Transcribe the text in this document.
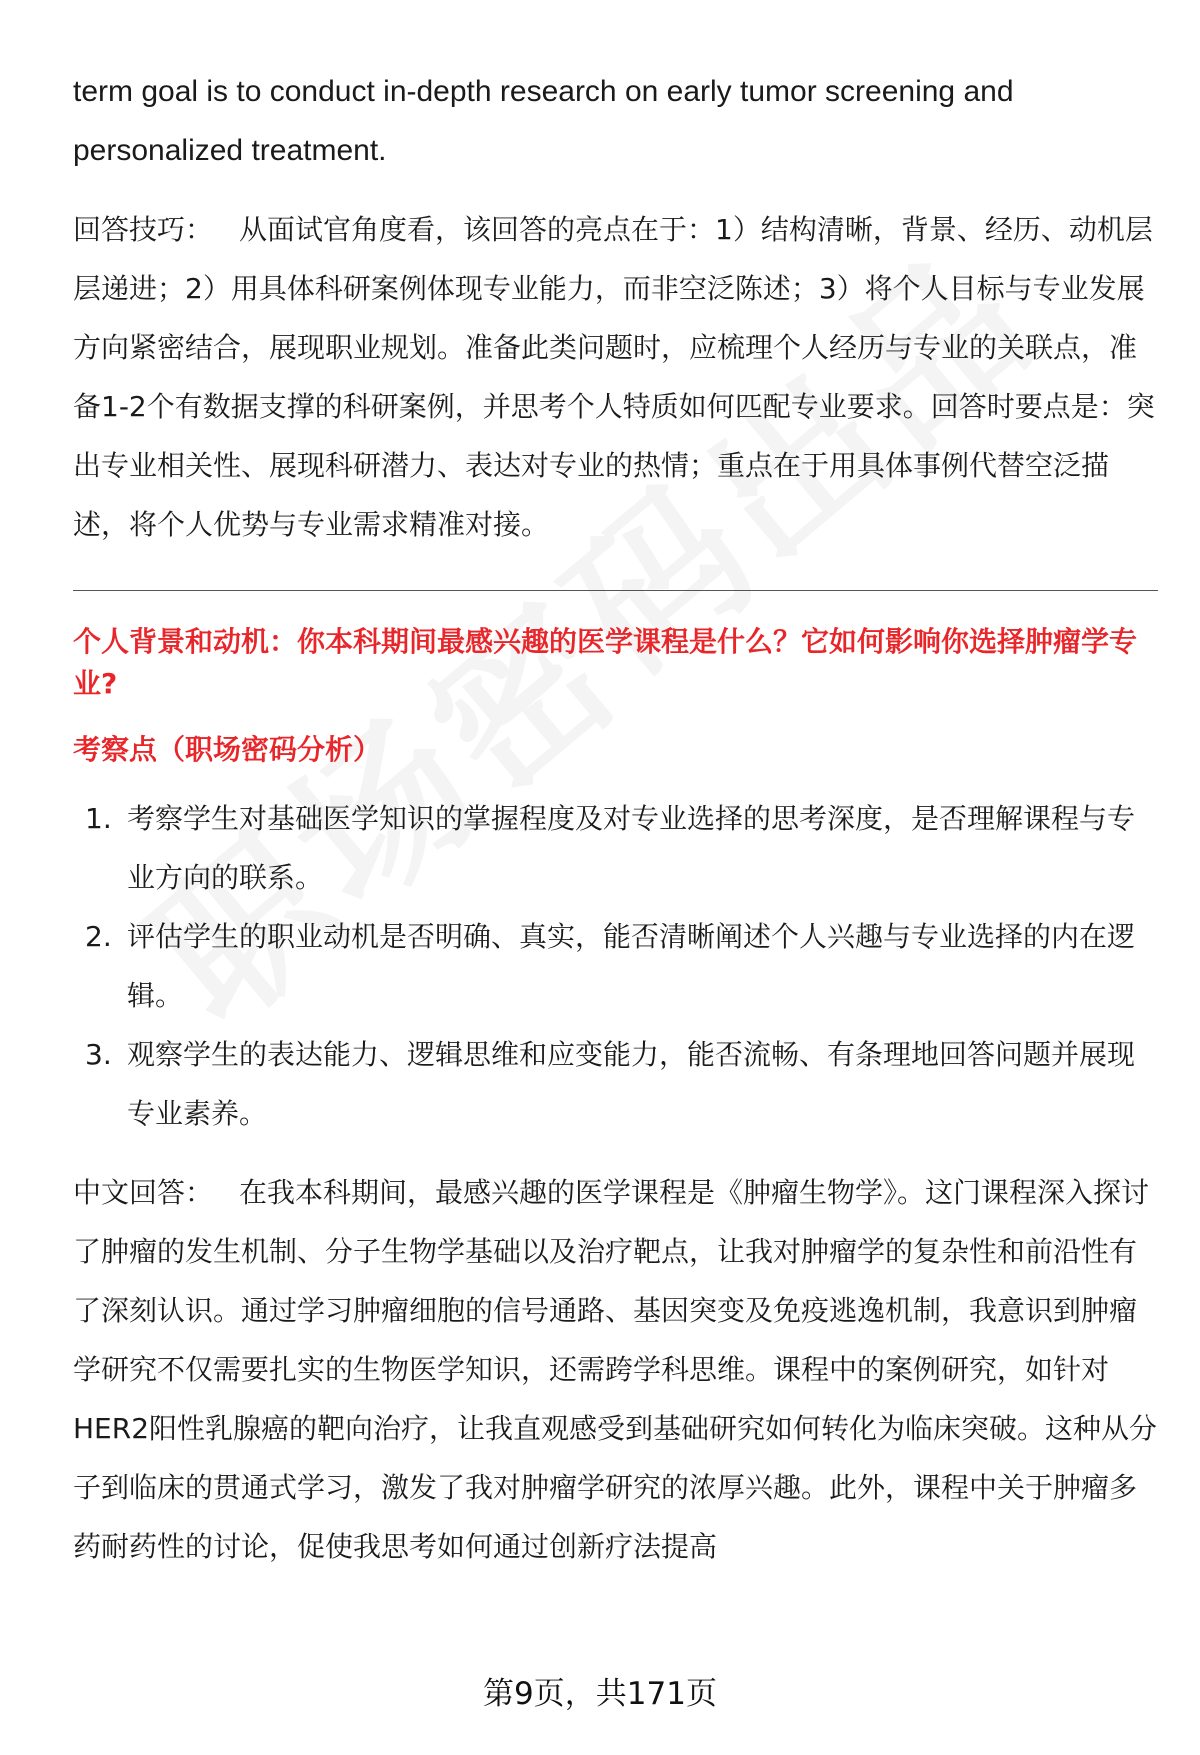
term goal is to conduct in-depth research on early tumor screening and personalized treatment.

回答技巧： 从面试官角度看，该回答的亮点在于：1）结构清晰，背景、经历、动机层层递进；2）用具体科研案例体现专业能力，而非空泛陈述；3）将个人目标与专业发展方向紧密结合，展现职业规划。准备此类问题时，应梳理个人经历与专业的关联点，准备1-2个有数据支撑的科研案例，并思考个人特质如何匹配专业要求。回答时要点是：突出专业相关性、展现科研潜力、表达对专业的热情；重点在于用具体事例代替空泛描述，将个人优势与专业需求精准对接。

个人背景和动机：你本科期间最感兴趣的医学课程是什么？它如何影响你选择肿瘤学专业?

考察点（职场密码分析）

1. 考察学生对基础医学知识的掌握程度及对专业选择的思考深度，是否理解课程与专业方向的联系。
2. 评估学生的职业动机是否明确、真实，能否清晰阐述个人兴趣与专业选择的内在逻辑。
3. 观察学生的表达能力、逻辑思维和应变能力，能否流畅、有条理地回答问题并展现专业素养。

中文回答： 在我本科期间，最感兴趣的医学课程是《肿瘤生物学》。这门课程深入探讨了肿瘤的发生机制、分子生物学基础以及治疗靶点，让我对肿瘤学的复杂性和前沿性有了深刻认识。通过学习肿瘤细胞的信号通路、基因突变及免疫逃逸机制，我意识到肿瘤学研究不仅需要扎实的生物医学知识，还需跨学科思维。课程中的案例研究，如针对HER2阳性乳腺癌的靶向治疗，让我直观感受到基础研究如何转化为临床突破。这种从分子到临床的贯通式学习，激发了我对肿瘤学研究的浓厚兴趣。此外，课程中关于肿瘤多药耐药性的讨论，促使我思考如何通过创新疗法提高

第9页，共171页
